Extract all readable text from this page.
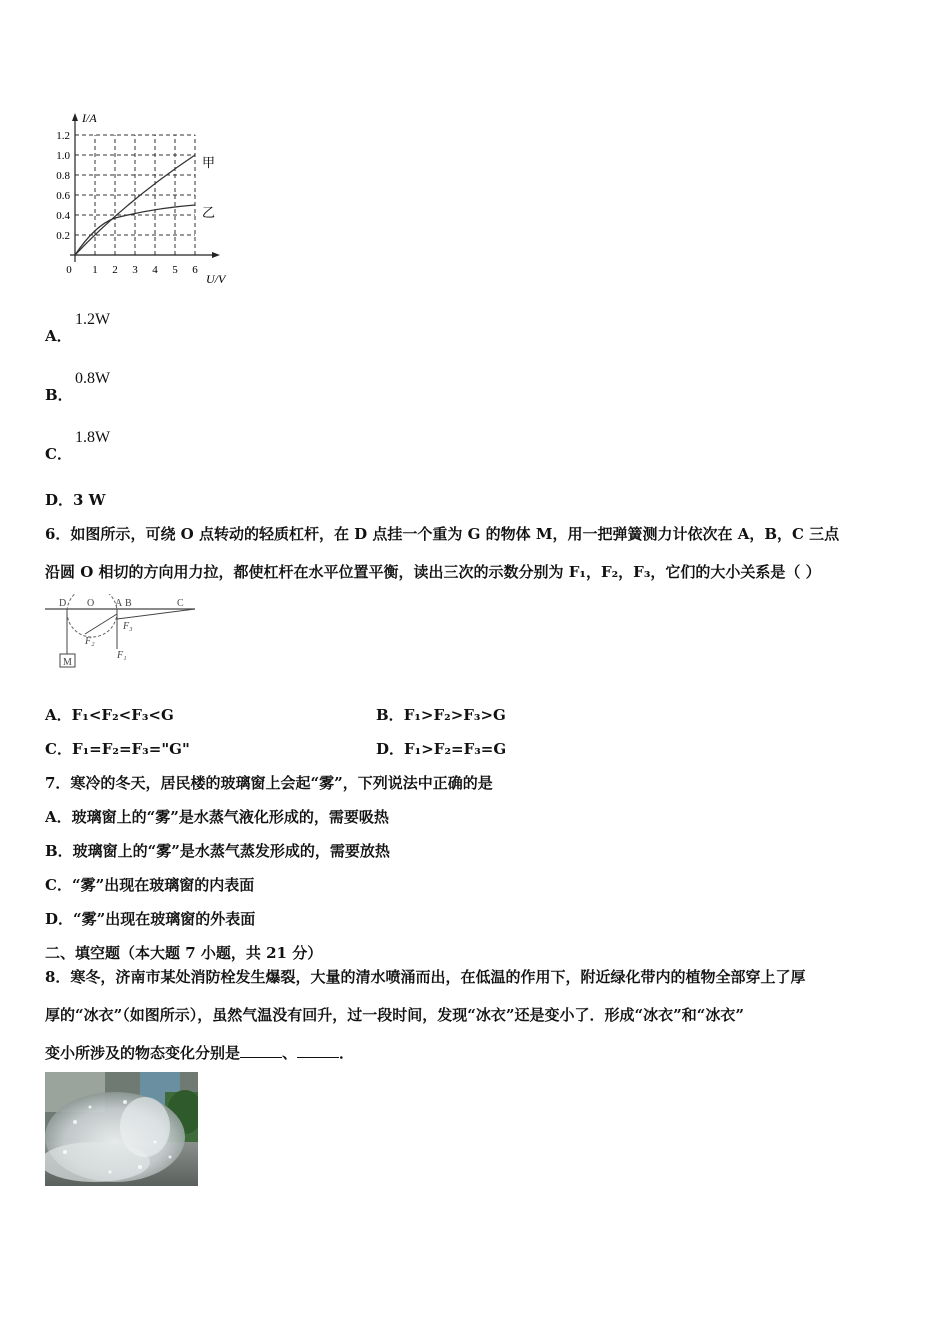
I/A
U/V
1.2
1.0
0.8
0.6
0.4
0.2
0 1 2 3 4 5 6
甲
乙
A．
1.2W
B．
0.8W
C．
1.8W
D．3 W
6．如图所示，可绕 O 点转动的轻质杠杆，在 D 点挂一个重为 G 的物体 M，用一把弹簧测力计依次在 A，B，C 三点
沿圆 O 相切的方向用力拉，都使杠杆在水平位置平衡，读出三次的示数分别为 F₁，F₂，F₃，它们的大小关系是（ ）
D O A B	C
F₂
F₃
F₁
M
A．F₁<F₂<F₃<G	B．F₁>F₂>F₃>G
C．F₁=F₂=F₃="G"	D．F₁>F₂=F₃=G
7．寒冷的冬天，居民楼的玻璃窗上会起“雾”，下列说法中正确的是
A．玻璃窗上的“雾”是水蒸气液化形成的，需要吸热
B．玻璃窗上的“雾”是水蒸气蒸发形成的，需要放热
C．“雾”出现在玻璃窗的内表面
D．“雾”出现在玻璃窗的外表面
二、填空题（本大题 7 小题，共 21 分）
8．寒冬，济南市某处消防栓发生爆裂，大量的清水喷涌而出，在低温的作用下，附近绿化带内的植物全部穿上了厚
厚的“冰衣”（如图所示），虽然气温没有回升，过一段时间，发现“冰衣”还是变小了．形成“冰衣”和“冰衣”
变小所涉及的物态变化分别是	、	．
